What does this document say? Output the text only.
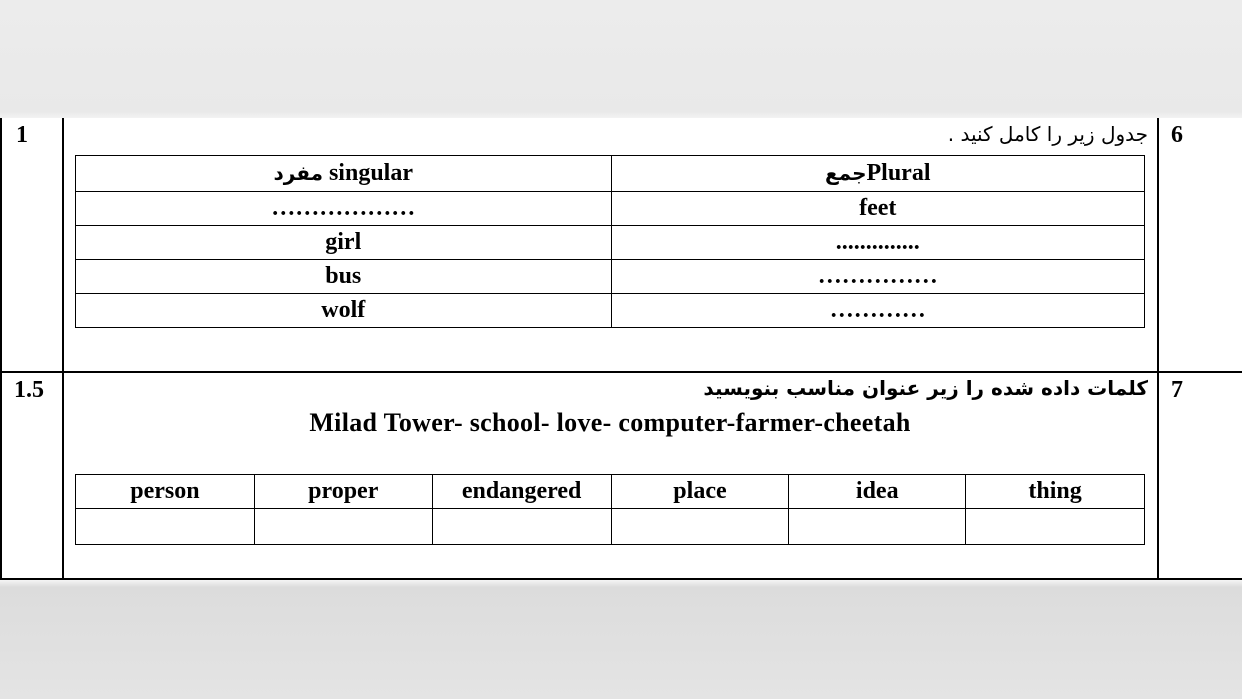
1	6
جدول زیر را کامل کنید .
مفرد singular	جمعPlural
………………	feet
girl	..............
bus	……………
wolf	…………
1.5	7
کلمات داده شده را زیر عنوان مناسب بنویسید
Milad Tower- school- love- computer-farmer-cheetah
person	proper	endangered	place	idea	thing
